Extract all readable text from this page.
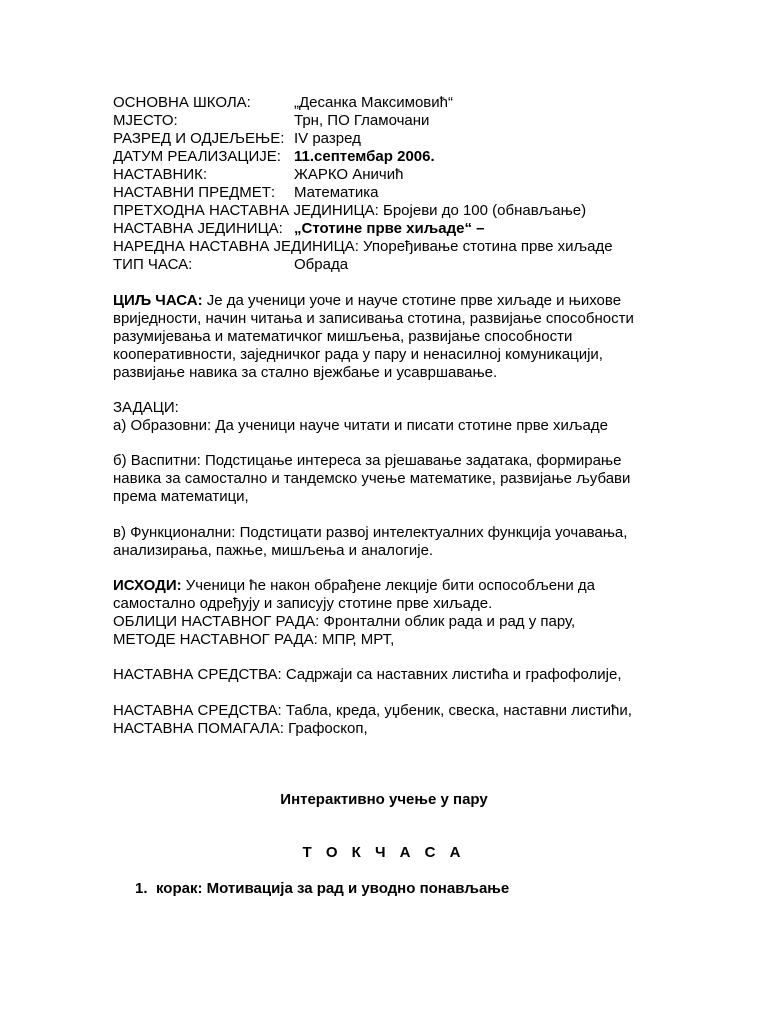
ОСНОВНА ШКОЛА:	„Десанка Максимовић“
МЈЕСТО:	Трн, ПО Гламочани
РАЗРЕД И ОДЈЕЉЕЊЕ: IV разред
ДАТУМ РЕАЛИЗАЦИЈЕ: 11.септембар 2006.
НАСТАВНИК:	ЖАРКО Аничић
НАСТАВНИ ПРЕДМЕТ: Математика
ПРЕТХОДНА НАСТАВНА ЈЕДИНИЦА: Бројеви до 100 (обнављање)
НАСТАВНА ЈЕДИНИЦА: „Стотине прве хиљаде“ –
НАРЕДНА НАСТАВНА ЈЕДИНИЦА: Упоређивање стотина прве хиљаде
ТИП ЧАСА:	Обрада
ЦИЉ ЧАСА: Је да ученици уоче и науче стотине прве хиљаде и њихове
вриједности, начин читања и записивања стотина, развијање способности
разумијевања и математичког мишљења, развијање способности
кооперативности, заједничког рада у пару и ненасилној комуникацији,
развијање навика за стално вјежбање и усавршавање.
ЗАДАЦИ:
а) Образовни: Да ученици науче читати и писати стотине прве хиљаде
б) Васпитни: Подстицање интереса за рјешавање задатака, формирање
навика за самостално и тандемско учење математике, развијање љубави
према математици,
в) Функционални: Подстицати развој интелектуалних функција уочавања,
анализирања, пажње, мишљења и аналогије.
ИСХОДИ: Ученици ће након обрађене лекције бити оспособљени да
самостално одређују и записују стотине прве хиљаде.
ОБЛИЦИ НАСТАВНОГ РАДА: Фронтални облик рада и рад у пару,
МЕТОДЕ НАСТАВНОГ РАДА: МПР, МРТ,
НАСТАВНА СРЕДСТВА: Садржаји са наставних листића и графофолије,
НАСТАВНА СРЕДСТВА: Табла, креда, уџбеник, свеска, наставни листићи,
НАСТАВНА ПОМАГАЛА: Графоскоп,
Интерактивно учење у пару
Т О К Ч А С А
1. корак: Мотивација за рад и уводно понављање
